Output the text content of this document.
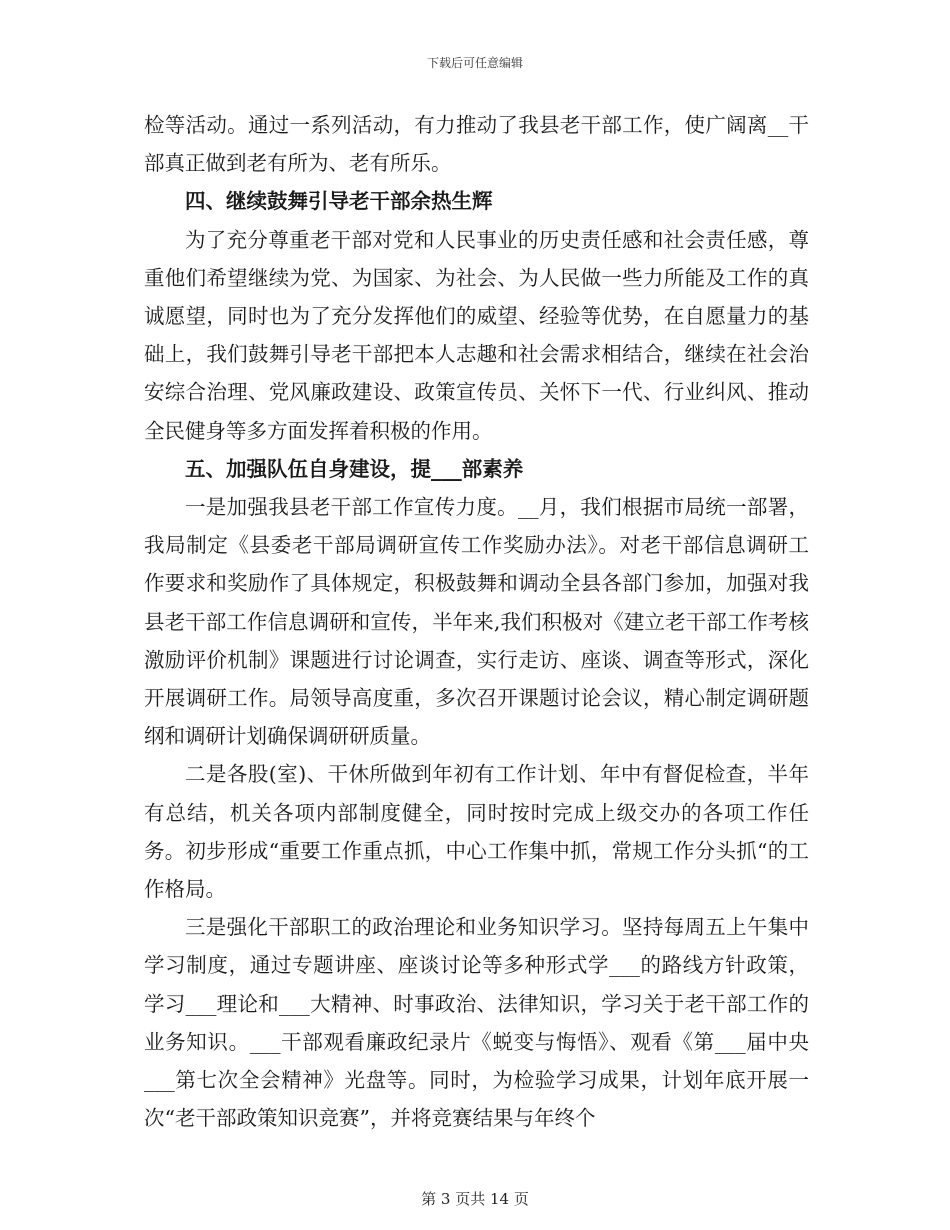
下载后可任意编辑

检等活动。通过一系列活动，有力推动了我县老干部工作，使广阔离__干部真正做到老有所为、老有所乐。

四、继续鼓舞引导老干部余热生辉

为了充分尊重老干部对党和人民事业的历史责任感和社会责任感，尊重他们希望继续为党、为国家、为社会、为人民做一些力所能及工作的真诚愿望，同时也为了充分发挥他们的威望、经验等优势，在自愿量力的基础上，我们鼓舞引导老干部把本人志趣和社会需求相结合，继续在社会治安综合治理、党风廉政建设、政策宣传员、关怀下一代、行业纠风、推动全民健身等多方面发挥着积极的作用。

五、加强队伍自身建设，提___部素养

一是加强我县老干部工作宣传力度。__月，我们根据市局统一部署，我局制定《县委老干部局调研宣传工作奖励办法》。对老干部信息调研工作要求和奖励作了具体规定，积极鼓舞和调动全县各部门参加，加强对我县老干部工作信息调研和宣传，半年来,我们积极对《建立老干部工作考核激励评价机制》课题进行讨论调查，实行走访、座谈、调查等形式，深化开展调研工作。局领导高度重，多次召开课题讨论会议，精心制定调研题纲和调研计划确保调研研质量。

二是各股(室)、干休所做到年初有工作计划、年中有督促检查，半年有总结，机关各项内部制度健全，同时按时完成上级交办的各项工作任务。初步形成“重要工作重点抓，中心工作集中抓，常规工作分头抓“的工作格局。

三是强化干部职工的政治理论和业务知识学习。坚持每周五上午集中学习制度，通过专题讲座、座谈讨论等多种形式学___的路线方针政策，学习___理论和___大精神、时事政治、法律知识，学习关于老干部工作的业务知识。___干部观看廉政纪录片《蜕变与悔悟》、观看《第___届中央___第七次全会精神》光盘等。同时，为检验学习成果，计划年底开展一次“老干部政策知识竞赛”，并将竞赛结果与年终个

第 3 页共 14 页
